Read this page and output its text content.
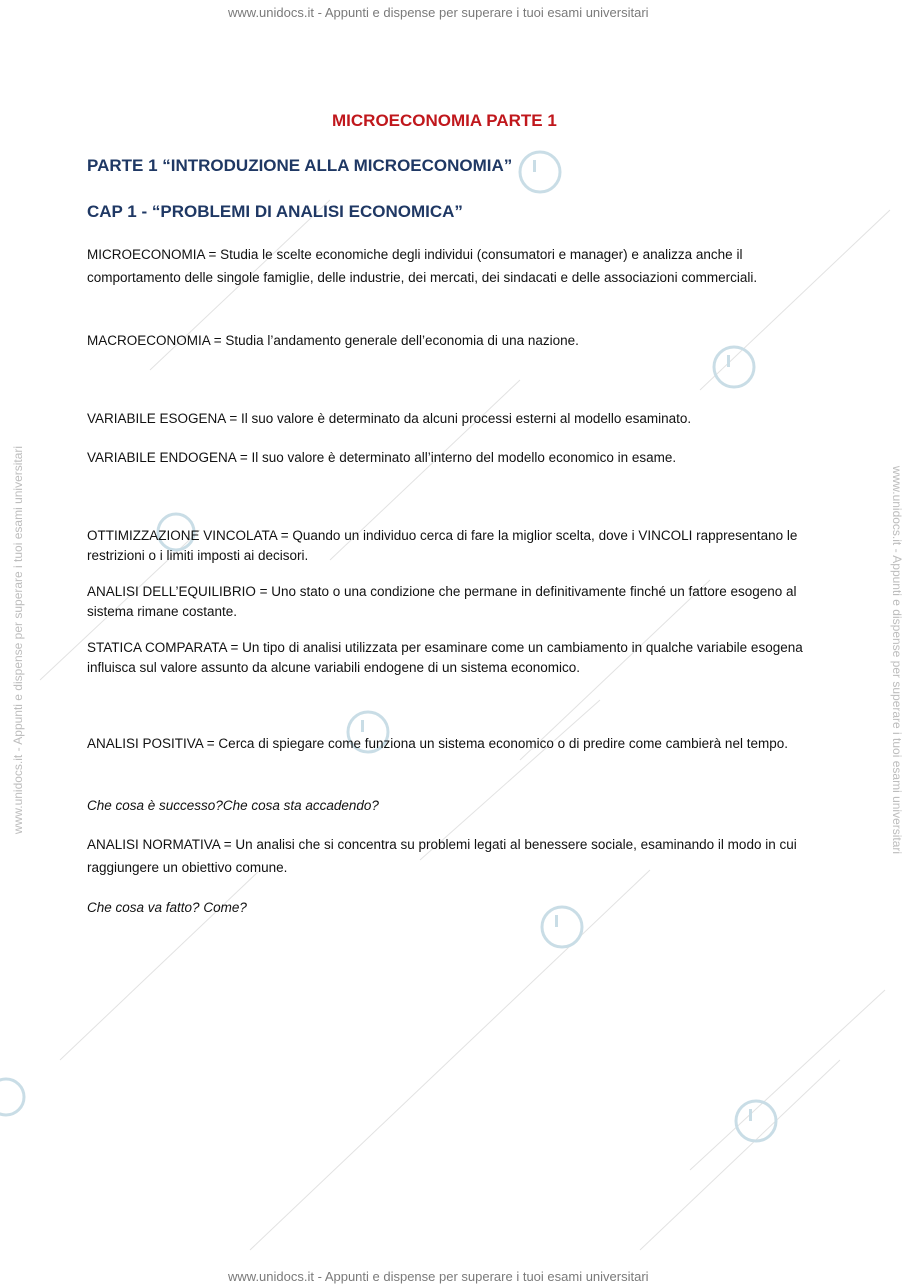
www.unidocs.it - Appunti e dispense per superare i tuoi esami universitari
www.unidocs.it - Appunti e dispense per superare i tuoi esami universitari
www.unidocs.it - Appunti e dispense per superare i tuoi esami universitari	www.unidocs.it - Appunti e dispense per superare i tuoi esami universitari
MICROECONOMIA PARTE 1
PARTE 1 “INTRODUZIONE ALLA MICROECONOMIA”
CAP 1 - “PROBLEMI DI ANALISI ECONOMICA”
MICROECONOMIA = Studia le scelte economiche degli individui (consumatori e manager) e analizza anche il comportamento delle singole famiglie, delle industrie, dei mercati, dei sindacati e delle associazioni commerciali.
MACROECONOMIA = Studia l’andamento generale dell’economia di una nazione.
VARIABILE ESOGENA = Il suo valore è determinato da alcuni processi esterni al modello esaminato.
VARIABILE ENDOGENA = Il suo valore è determinato all’interno del modello economico in esame.
OTTIMIZZAZIONE VINCOLATA = Quando un individuo cerca di fare la miglior scelta, dove i VINCOLI rappresentano le restrizioni o i limiti imposti ai decisori.
ANALISI DELL’EQUILIBRIO = Uno stato o una condizione che permane in definitivamente finché un fattore esogeno al sistema rimane costante.
STATICA COMPARATA = Un tipo di analisi utilizzata per esaminare come un cambiamento in qualche variabile esogena influisca sul valore assunto da alcune variabili endogene di un sistema economico.
ANALISI POSITIVA = Cerca di spiegare come funziona un sistema economico o di predire come cambierà nel tempo.
Che cosa è successo?Che cosa sta accadendo?
ANALISI NORMATIVA = Un analisi che si concentra su problemi legati al benessere sociale, esaminando il modo in cui raggiungere un obiettivo comune.
Che cosa va fatto? Come?
